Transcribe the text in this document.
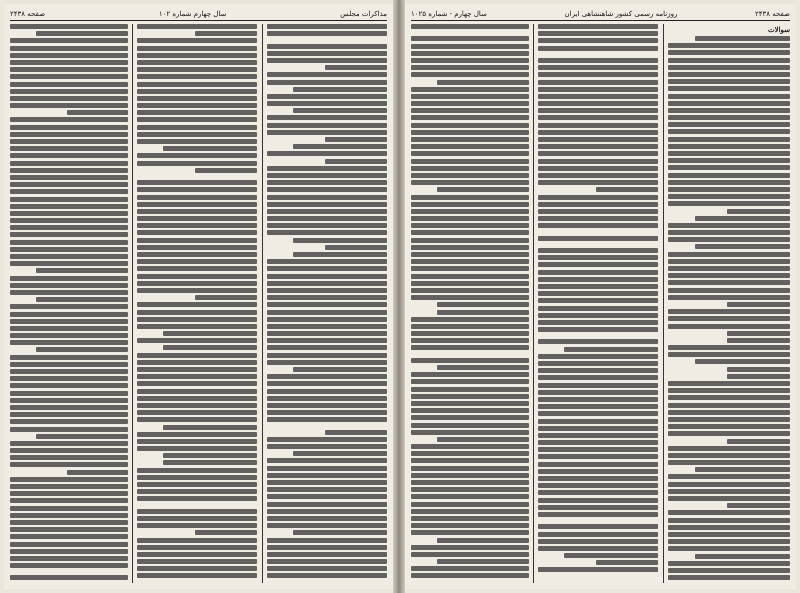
مذاکرات مجلس
سال چهارم شماره ۱۰۲
صفحه ۲۴۳۸	صفحه ۲۴۳۸
روزنامه رسمی کشور شاهنشاهی ایران
سال چهارم - شماره ۱۰۲۵
سوالات
